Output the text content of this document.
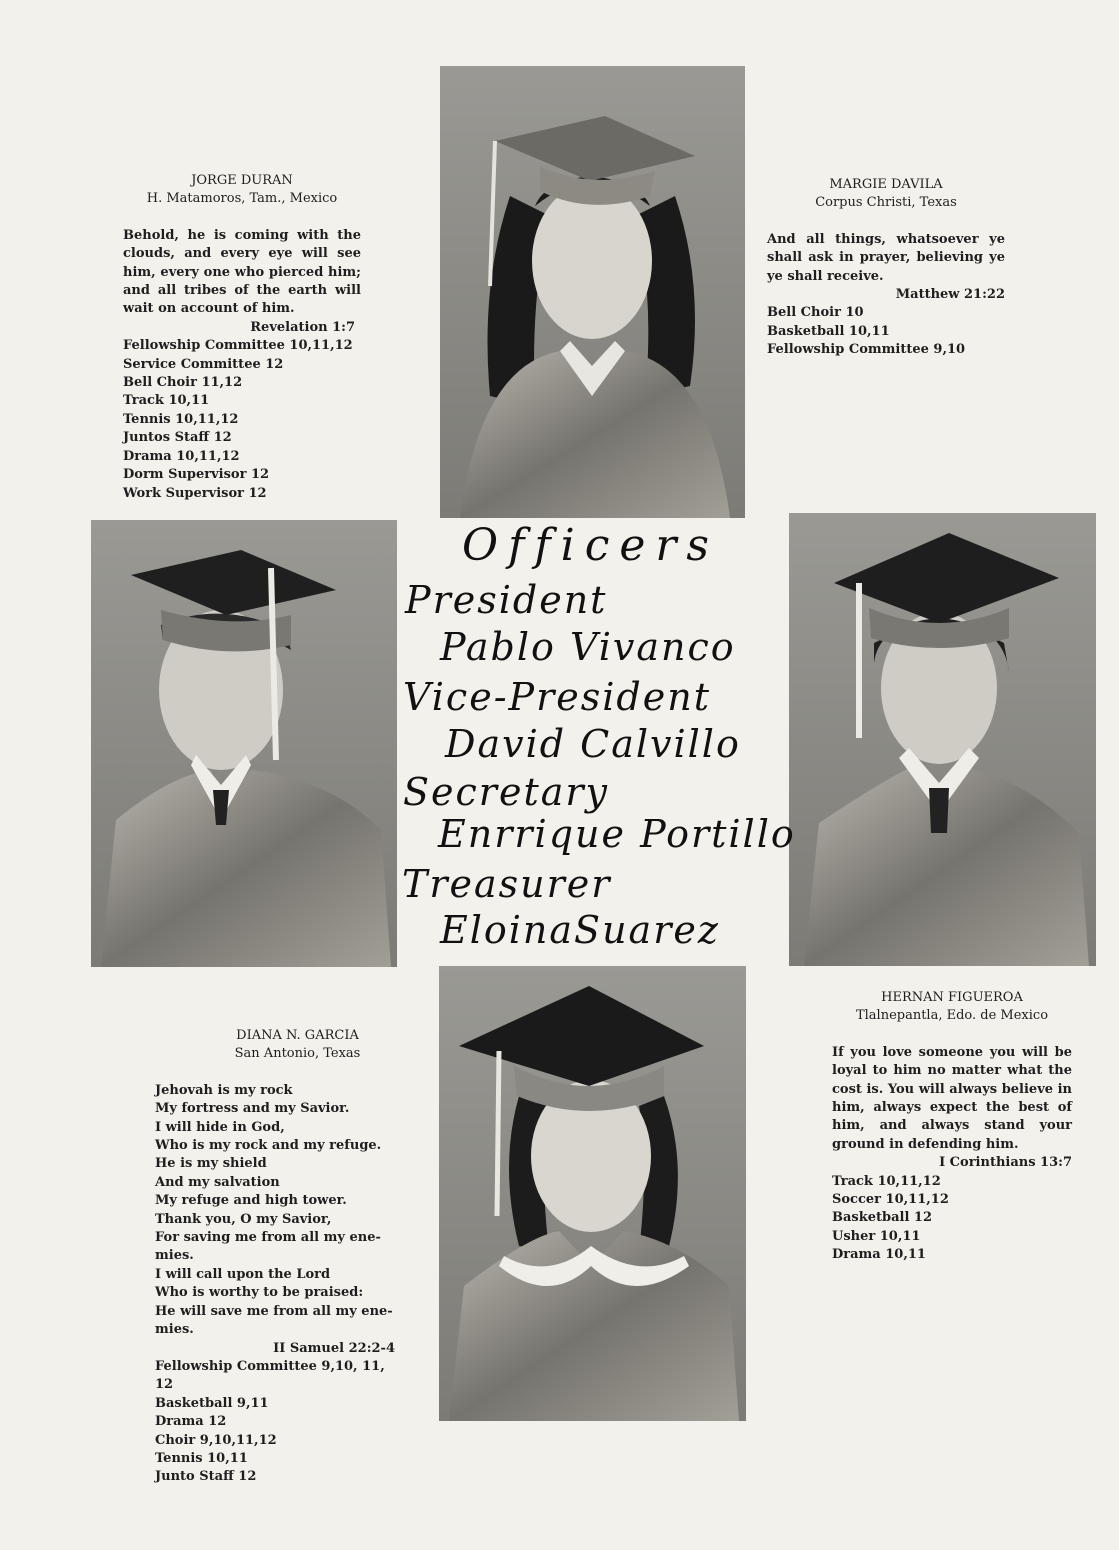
JORGE DURAN
H. Matamoros, Tam., Mexico
Behold, he is coming with the clouds, and every eye will see him, every one who pierced him; and all tribes of the earth will wait on account of him.
Revelation 1:7
Fellowship Committee 10,11,12
Service Committee 12
Bell Choir 11,12
Track 10,11
Tennis 10,11,12
Juntos Staff 12
Drama 10,11,12
Dorm Supervisor 12
Work Supervisor 12
MARGIE DAVILA
Corpus Christi, Texas
And all things, whatsoever ye shall ask in prayer, believing ye ye shall receive.
Matthew 21:22
Bell Choir 10
Basketball 10,11
Fellowship Committee 9,10
DIANA N. GARCIA
San Antonio, Texas
Jehovah is my rock
My fortress and my Savior.
I will hide in God,
Who is my rock and my refuge.
He is my shield
And my salvation
My refuge and high tower.
Thank you, O my Savior,
For saving me from all my ene-
mies.
I will call upon the Lord
Who is worthy to be praised:
He will save me from all my ene-
mies.
II Samuel 22:2-4
Fellowship Committee 9,10, 11,
12
Basketball 9,11
Drama 12
Choir 9,10,11,12
Tennis 10,11
Junto Staff 12
HERNAN FIGUEROA
Tlalnepantla, Edo. de Mexico
If you love someone you will be loyal to him no matter what the cost is. You will always believe in him, always expect the best of him, and always stand your ground in defending him.
I Corinthians 13:7
Track 10,11,12
Soccer 10,11,12
Basketball 12
Usher 10,11
Drama 10,11
Officers
President
Pablo Vivanco
Vice-President
David Calvillo
Secretary
Enrrique Portillo
Treasurer
EloinaSuarez
